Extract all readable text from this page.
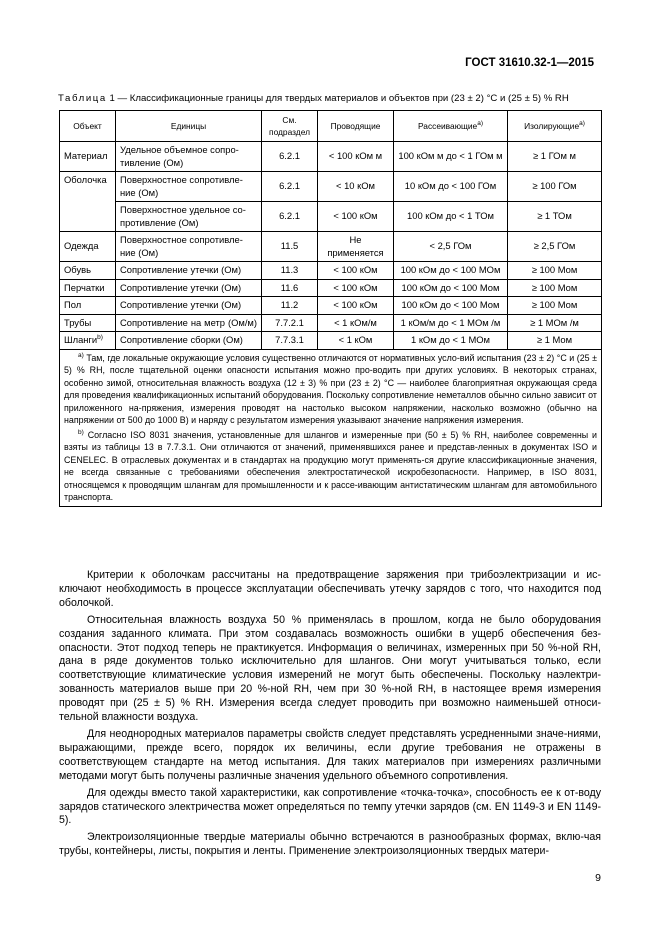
ГОСТ 31610.32-1—2015
Таблица 1 — Классификационные границы для твердых материалов и объектов при (23 ± 2) °С и (25 ± 5) % RH
Объект	Единицы	См. подраздел	Проводящие	Рассеивающие$^{a)}$	Изолирующие$^{a)}$
Материал	Удельное объемное сопро-тивление (Ом)	6.2.1	< 100 кОм м	100 кОм м до < 1 ГОм м	≥ 1 ГОм м
Оболочка	Поверхностное сопротивле-ние (Ом)	6.2.1	< 10 кОм	10 кОм до < 100 ГОм	≥ 100 ГОм
	Поверхностное удельное со-противление (Ом)	6.2.1	< 100 кОм	100 кОм до < 1 ТОм	≥ 1 ТОм
Одежда	Поверхностное сопротивле-ние (Ом)	11.5	Не применяется	< 2,5 ГОм	≥ 2,5 ГОм
Обувь	Сопротивление утечки (Ом)	11.3	< 100 кОм	100 кОм до < 100 МОм	≥ 100 Мом
Перчатки	Сопротивление утечки (Ом)	11.6	< 100 кОм	100 кОм до < 100 Мом	≥ 100 Мом
Пол	Сопротивление утечки (Ом)	11.2	< 100 кОм	100 кОм до < 100 Мом	≥ 100 Мом
Трубы	Сопротивление на метр (Ом/м)	7.7.2.1	< 1 кОм/м	1 кОм/м до < 1 МОм /м	≥ 1 МОм /м
Шланги$^{b)}$	Сопротивление сборки (Ом)	7.7.3.1	< 1 кОм	1 кОм до < 1 МОм	≥ 1 Мом

$^{a)}$ Там, где локальные окружающие условия существенно отличаются от нормативных усло-вий испытания (23 ± 2) °С и (25 ± 5) % RH, после тщательной оценки опасности испытания можно про-водить при других условиях. В некоторых странах, особенно зимой, относительная влажность воздуха (12 ± 3) % при (23 ± 2) °С — наиболее благоприятная окружающая среда для проведения квалификационных испытаний оборудования. Поскольку сопротивление неметаллов обычно сильно зависит от приложенного на-пряжения, измерения проводят на настолько высоком напряжении, насколько возможно (обычно на напряжении от 500 до 1000 В) и наряду с результатом измерения указывают значение напряжения измерения.

$^{b)}$ Согласно ISO 8031 значения, установленные для шлангов и измеренные при (50 ± 5) % RH, наиболее современны и взяты из таблицы 13 в 7.7.3.1. Они отличаются от значений, применявшихся ранее и представ-ленных в документах ISO и CENELEC. В отраслевых документах и в стандартах на продукцию могут применять-ся другие классификационные значения, не всегда связанные с требованиями обеспечения электростатической искробезопасности. Например, в ISO 8031, относящемся к проводящим шлангам для промышленности и к рассе-ивающим антистатическим шлангам для автомобильного транспорта.					

Критерии к оболочкам рассчитаны на предотвращение заряжения при трибоэлектризации и ис-ключают необходимость в процессе эксплуатации обеспечивать утечку зарядов с того, что находится под оболочкой.

Относительная влажность воздуха 50 % применялась в прошлом, когда не было оборудования создания заданного климата. При этом создавалась возможность ошибки в ущерб обеспечения без-опасности. Этот подход теперь не практикуется. Информация о величинах, измеренных при 50 %-ной RH, дана в ряде документов только исключительно для шлангов. Они могут учитываться только, если соответствующие климатические условия измерений не могут быть обеспечены. Поскольку наэлектри-зованность материалов выше при 20 %-ной RH, чем при 30 %-ной RH, в настоящее время измерения проводят при (25 ± 5) % RH. Измерения всегда следует проводить при возможно наименьшей относи-тельной влажности воздуха.

Для неоднородных материалов параметры свойств следует представлять усредненными значе-ниями, выражающими, прежде всего, порядок их величины, если другие требования не отражены в соответствующем стандарте на метод испытания. Для таких материалов при измерениях различными методами могут быть получены различные значения удельного объемного сопротивления.

Для одежды вместо такой характеристики, как сопротивление «точка-точка», способность ее к от-воду зарядов статического электричества может определяться по темпу утечки зарядов (см. EN 1149-3 и EN 1149-5).

Электроизоляционные твердые материалы обычно встречаются в разнообразных формах, вклю-чая трубы, контейнеры, листы, покрытия и ленты. Применение электроизоляционных твердых матери-

9
